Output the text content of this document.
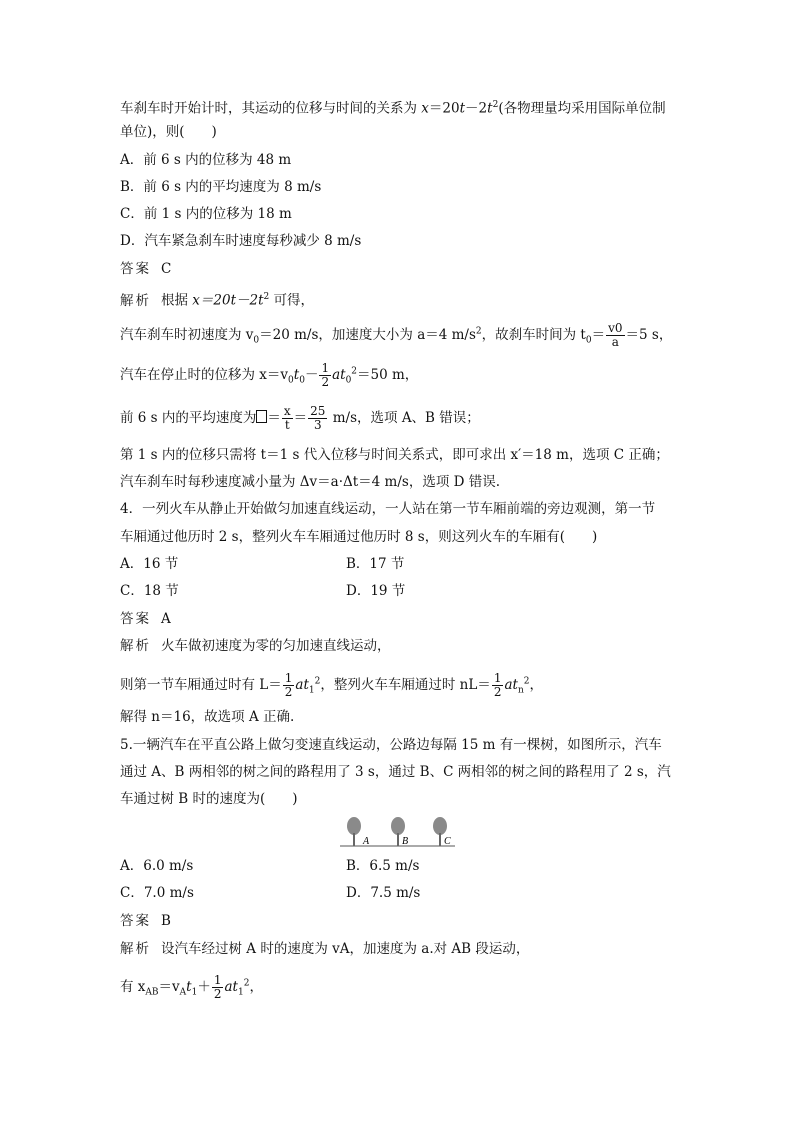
车刹车时开始计时，其运动的位移与时间的关系为 $x=20t-2t^2$(各物理量均采用国际单位制
单位)，则(　　)
A．前 6 s 内的位移为 48 m
B．前 6 s 内的平均速度为 8 m/s
C．前 1 s 内的位移为 18 m
D．汽车紧急刹车时速度每秒减少 8 m/s
答案 C
解析 根据 $x=20t-2t^2$ 可得，
汽车刹车时初速度为 $v_0=20$ m/s，加速度大小为 a＝4 $m/s^2$，故刹车时间为 $t_0= \frac{v0}{a} =5$ s，
汽车在停止时的位移为 $x=v_0t_0- \frac{1}{2} at_0^2=50$ m，
前 6 s 内的平均速度为 ＝ $\frac{x}{t} = \frac{25}{3} m/s$，选项 A、B 错误；
第 1 s 内的位移只需将 t＝1 s 代入位移与时间关系式，即可求出 x′＝18 m，选项 C 正确；
汽车刹车时每秒速度减小量为 Δv＝a·Δt＝4 m/s，选项 D 错误.
4．一列火车从静止开始做匀加速直线运动，一人站在第一节车厢前端的旁边观测，第一节
车厢通过他历时 2 s，整列火车车厢通过他历时 8 s，则这列火车的车厢有(　　)
A．16 节	B．17 节
C．18 节	D．19 节
答案 A
解析 火车做初速度为零的匀加速直线运动，
则第一节车厢通过时有 $L= \frac{1}{2} at_1^2$，整列火车车厢通过时 $nL= \frac{1}{2} at_n^2$，
解得 n＝16，故选项 A 正确.
5.一辆汽车在平直公路上做匀变速直线运动，公路边每隔 15 m 有一棵树，如图所示，汽车
通过 A、B 两相邻的树之间的路程用了 3 s，通过 B、C 两相邻的树之间的路程用了 2 s，汽
车通过树 B 时的速度为(　　)
A	B	C
A．6.0 m/s	B．6.5 m/s
C．7.0 m/s	D．7.5 m/s
答案 B
解析 设汽车经过树 A 时的速度为 vA，加速度为 a.对 AB 段运动，
有 $x_{AB}=v_At_1+ \frac{1}{2} at_1^2$，
